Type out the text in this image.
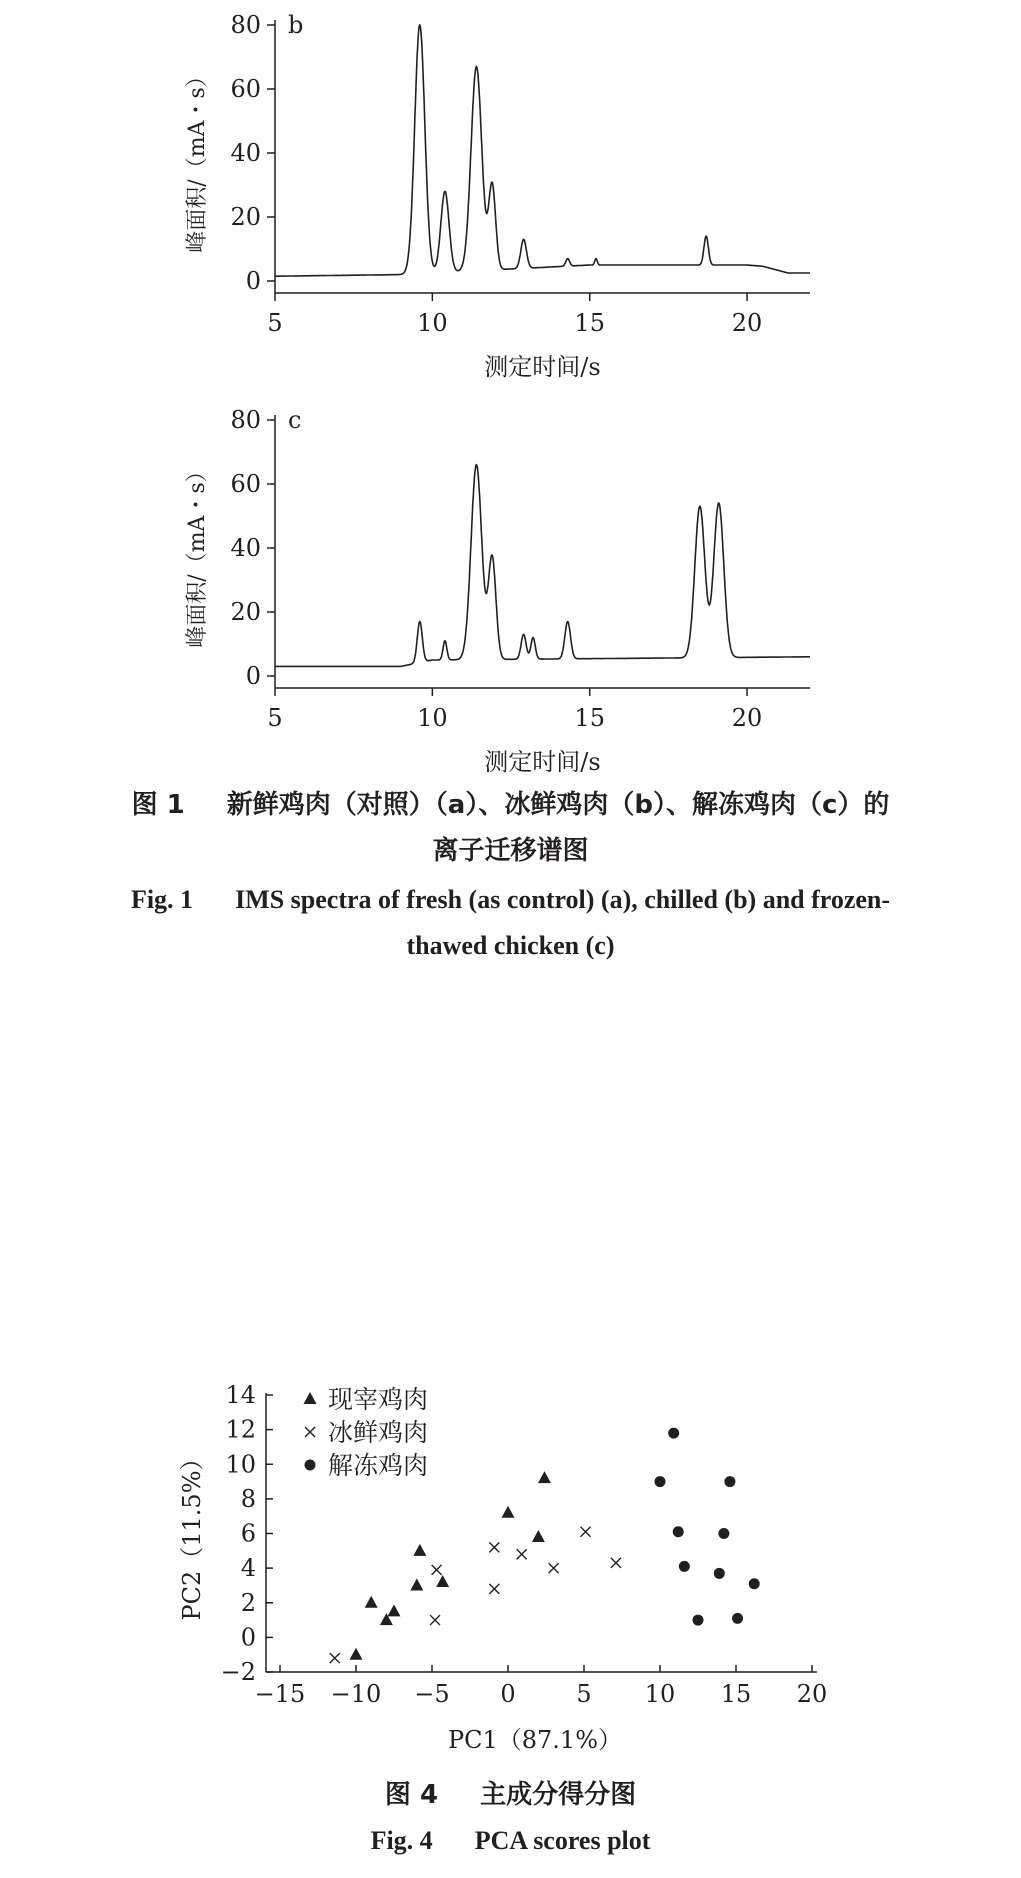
5	10	15	20
0
20
40
60
80 b
测定时间/s
峰面积/（mA・s）
5	10	15	20
0
20
40
60
80 c
测定时间/s
峰面积/（mA・s）
图 1 新鲜鸡肉（对照）（a）、冰鲜鸡肉（b）、解冻鸡肉（c）的
离子迁移谱图
Fig. 1 IMS spectra of fresh (as control) (a), chilled (b) and frozen-
thawed chicken (c)
−15 −10 −5 0	5 10 15 20
−2
0
2
4
6
8
10
12
14	现宰鸡肉
冰鲜鸡肉
解冻鸡肉
PC1（87.1%）
PC2（11.5%）
图 4 主成分得分图
Fig. 4 PCA scores plot
